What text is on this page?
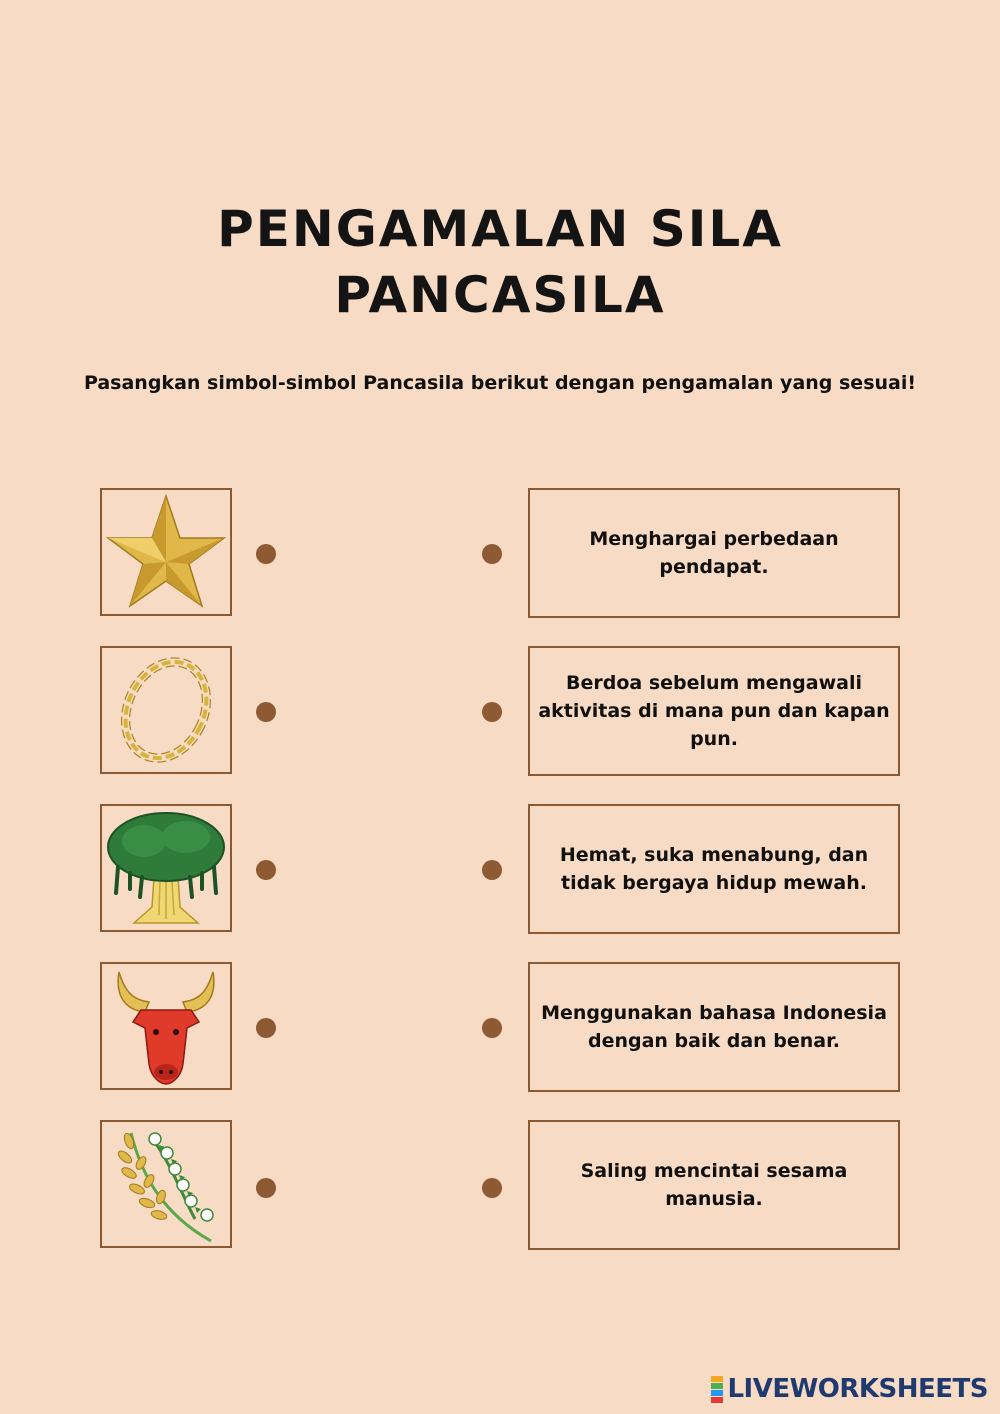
PENGAMALAN SILA
PANCASILA
Pasangkan simbol-simbol Pancasila berikut dengan pengamalan yang sesuai!
Menghargai perbedaan pendapat.
Berdoa sebelum mengawali aktivitas di mana pun dan kapan pun.
Hemat, suka menabung, dan tidak bergaya hidup mewah.
Menggunakan bahasa Indonesia dengan baik dan benar.
Saling mencintai sesama manusia.
LIVEWORKSHEETS
